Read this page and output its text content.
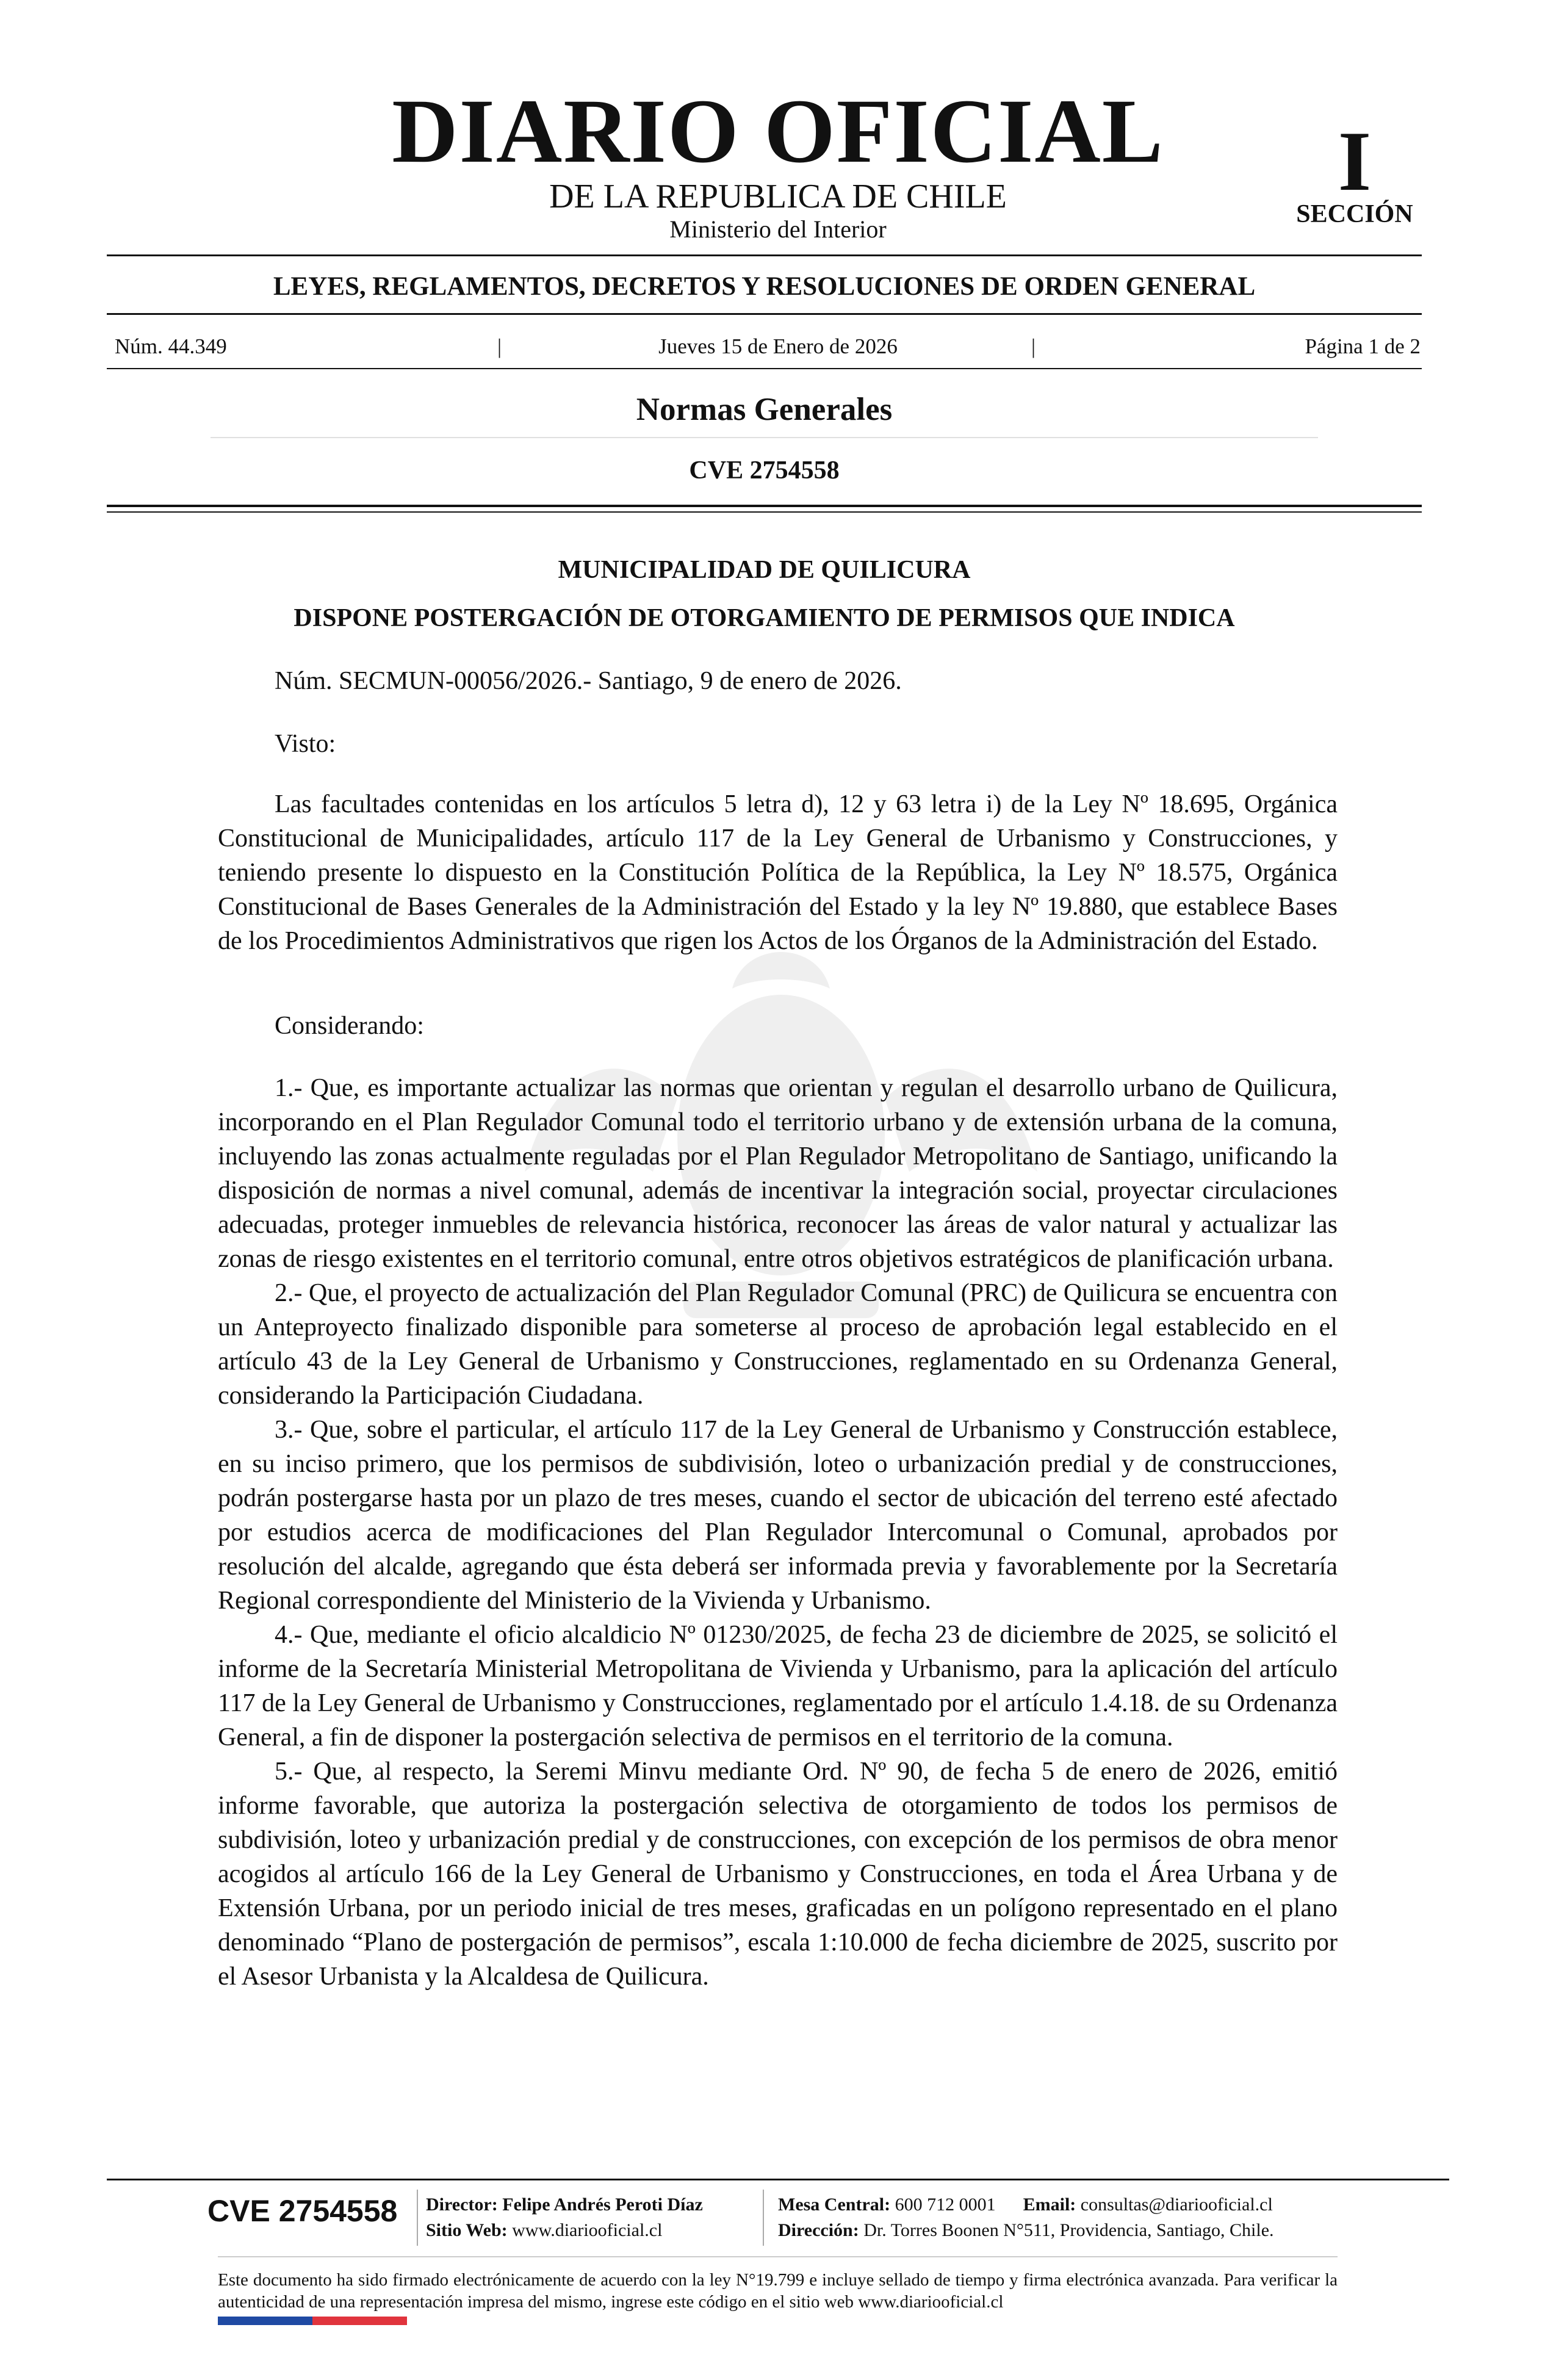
DIARIO OFICIAL
DE LA REPUBLICA DE CHILE
Ministerio del Interior
I
SECCIÓN
LEYES, REGLAMENTOS, DECRETOS Y RESOLUCIONES DE ORDEN GENERAL
Núm. 44.349	|	Jueves 15 de Enero de 2026	|	Página 1 de 2
Normas Generales
CVE 2754558
MUNICIPALIDAD DE QUILICURA
DISPONE POSTERGACIÓN DE OTORGAMIENTO DE PERMISOS QUE INDICA
Núm. SECMUN-00056/2026.- Santiago, 9 de enero de 2026.
Visto:

Las facultades contenidas en los artículos 5 letra d), 12 y 63 letra i) de la Ley Nº 18.695, Orgánica Constitucional de Municipalidades, artículo 117 de la Ley General de Urbanismo y Construcciones, y teniendo presente lo dispuesto en la Constitución Política de la República, la Ley Nº 18.575, Orgánica Constitucional de Bases Generales de la Administración del Estado y la ley Nº 19.880, que establece Bases de los Procedimientos Administrativos que rigen los Actos de los Órganos de la Administración del Estado.

Considerando:

1.- Que, es importante actualizar las normas que orientan y regulan el desarrollo urbano de Quilicura, incorporando en el Plan Regulador Comunal todo el territorio urbano y de extensión urbana de la comuna, incluyendo las zonas actualmente reguladas por el Plan Regulador Metropolitano de Santiago, unificando la disposición de normas a nivel comunal, además de incentivar la integración social, proyectar circulaciones adecuadas, proteger inmuebles de relevancia histórica, reconocer las áreas de valor natural y actualizar las zonas de riesgo existentes en el territorio comunal, entre otros objetivos estratégicos de planificación urbana.

2.- Que, el proyecto de actualización del Plan Regulador Comunal (PRC) de Quilicura se encuentra con un Anteproyecto finalizado disponible para someterse al proceso de aprobación legal establecido en el artículo 43 de la Ley General de Urbanismo y Construcciones, reglamentado en su Ordenanza General, considerando la Participación Ciudadana.

3.- Que, sobre el particular, el artículo 117 de la Ley General de Urbanismo y Construcción establece, en su inciso primero, que los permisos de subdivisión, loteo o urbanización predial y de construcciones, podrán postergarse hasta por un plazo de tres meses, cuando el sector de ubicación del terreno esté afectado por estudios acerca de modificaciones del Plan Regulador Intercomunal o Comunal, aprobados por resolución del alcalde, agregando que ésta deberá ser informada previa y favorablemente por la Secretaría Regional correspondiente del Ministerio de la Vivienda y Urbanismo.

4.- Que, mediante el oficio alcaldicio Nº 01230/2025, de fecha 23 de diciembre de 2025, se solicitó el informe de la Secretaría Ministerial Metropolitana de Vivienda y Urbanismo, para la aplicación del artículo 117 de la Ley General de Urbanismo y Construcciones, reglamentado por el artículo 1.4.18. de su Ordenanza General, a fin de disponer la postergación selectiva de permisos en el territorio de la comuna.

5.- Que, al respecto, la Seremi Minvu mediante Ord. Nº 90, de fecha 5 de enero de 2026, emitió informe favorable, que autoriza la postergación selectiva de otorgamiento de todos los permisos de subdivisión, loteo y urbanización predial y de construcciones, con excepción de los permisos de obra menor acogidos al artículo 166 de la Ley General de Urbanismo y Construcciones, en toda el Área Urbana y de Extensión Urbana, por un periodo inicial de tres meses, graficadas en un polígono representado en el plano denominado “Plano de postergación de permisos”, escala 1:10.000 de fecha diciembre de 2025, suscrito por el Asesor Urbanista y la Alcaldesa de Quilicura.

CVE 2754558 Director: Felipe Andrés Peroti Díaz
Sitio Web: www.diariooficial.cl
Mesa Central: 600 712 0001 Email: consultas@diariooficial.cl
Dirección: Dr. Torres Boonen N°511, Providencia, Santiago, Chile.
Este documento ha sido firmado electrónicamente de acuerdo con la ley N°19.799 e incluye sellado de tiempo y firma electrónica avanzada. Para verificar la autenticidad de una representación impresa del mismo, ingrese este código en el sitio web www.diariooficial.cl
